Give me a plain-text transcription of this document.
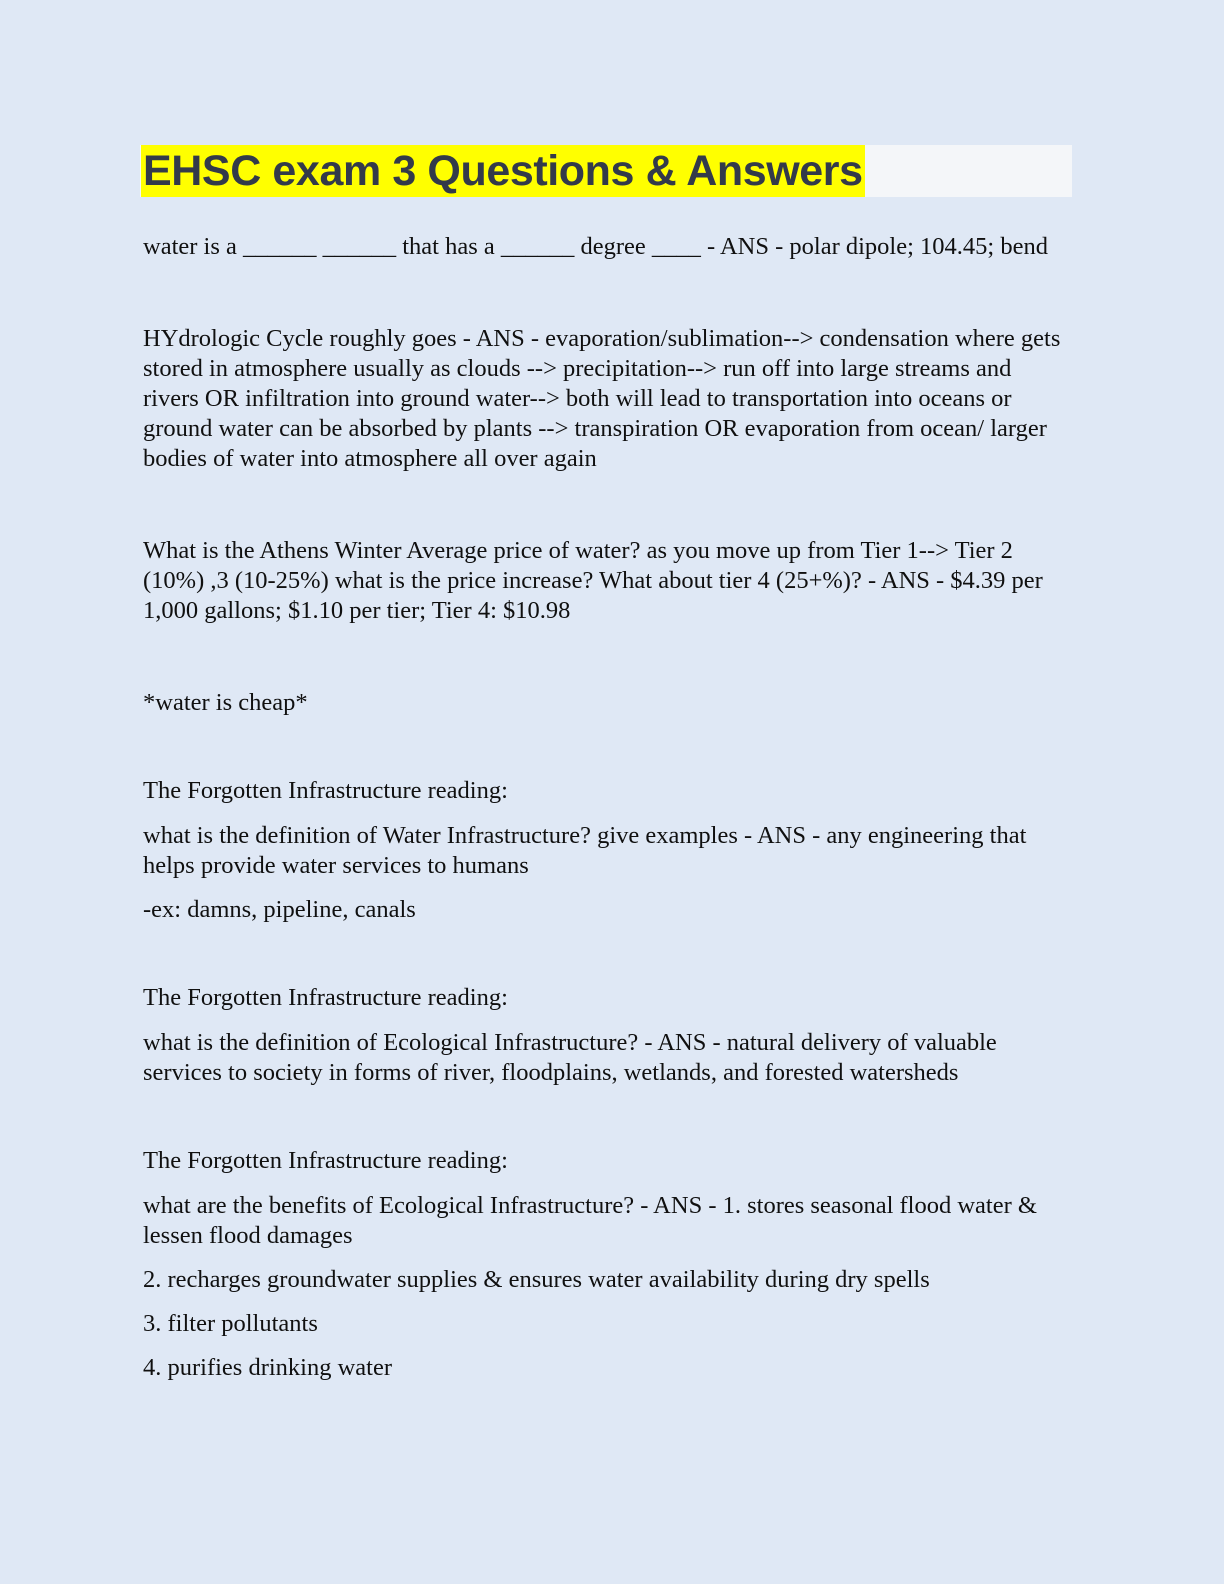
EHSC exam 3 Questions & Answers

water is a ______ ______ that has a ______ degree ____ - ANS - polar dipole; 104.45; bend

HYdrologic Cycle roughly goes - ANS - evaporation/sublimation--> condensation where gets stored in atmosphere usually as clouds --> precipitation--> run off into large streams and rivers OR infiltration into ground water--> both will lead to transportation into oceans or ground water can be absorbed by plants --> transpiration OR evaporation from ocean/ larger bodies of water into atmosphere all over again

What is the Athens Winter Average price of water? as you move up from Tier 1--> Tier 2 (10%) ,3 (10-25%) what is the price increase? What about tier 4 (25+%)? - ANS - $4.39 per 1,000 gallons; $1.10 per tier; Tier 4: $10.98

*water is cheap*

The Forgotten Infrastructure reading:

what is the definition of Water Infrastructure? give examples - ANS - any engineering that helps provide water services to humans

-ex: damns, pipeline, canals

The Forgotten Infrastructure reading:

what is the definition of Ecological Infrastructure? - ANS - natural delivery of valuable services to society in forms of river, floodplains, wetlands, and forested watersheds

The Forgotten Infrastructure reading:

what are the benefits of Ecological Infrastructure? - ANS - 1. stores seasonal flood water & lessen flood damages

2. recharges groundwater supplies & ensures water availability during dry spells

3. filter pollutants

4. purifies drinking water
